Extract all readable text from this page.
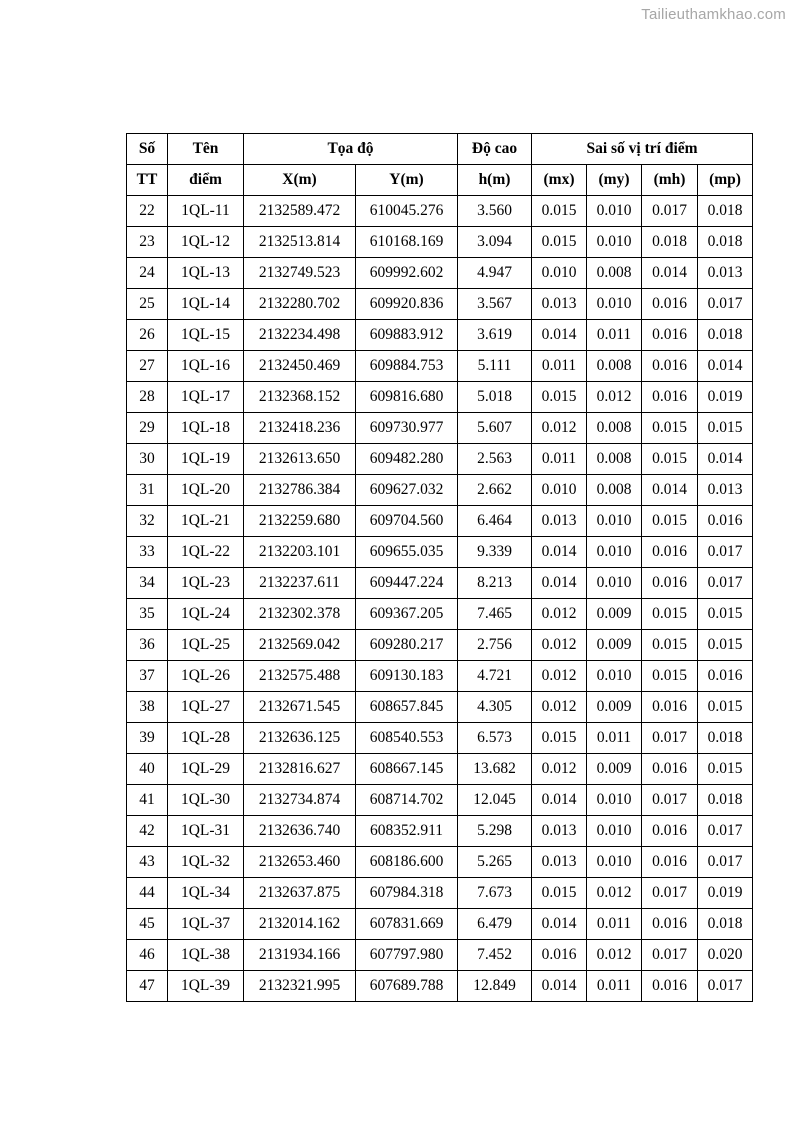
Tailieuthamkhao.com
Số	Tên	Tọa độ		Độ cao	Sai số vị trí điểm			
TT	điểm	X(m)	Y(m)	h(m)	(mx)	(my)	(mh)	(mp)
22	1QL-11	2132589.472	610045.276	3.560	0.015	0.010	0.017	0.018
23	1QL-12	2132513.814	610168.169	3.094	0.015	0.010	0.018	0.018
24	1QL-13	2132749.523	609992.602	4.947	0.010	0.008	0.014	0.013
25	1QL-14	2132280.702	609920.836	3.567	0.013	0.010	0.016	0.017
26	1QL-15	2132234.498	609883.912	3.619	0.014	0.011	0.016	0.018
27	1QL-16	2132450.469	609884.753	5.111	0.011	0.008	0.016	0.014
28	1QL-17	2132368.152	609816.680	5.018	0.015	0.012	0.016	0.019
29	1QL-18	2132418.236	609730.977	5.607	0.012	0.008	0.015	0.015
30	1QL-19	2132613.650	609482.280	2.563	0.011	0.008	0.015	0.014
31	1QL-20	2132786.384	609627.032	2.662	0.010	0.008	0.014	0.013
32	1QL-21	2132259.680	609704.560	6.464	0.013	0.010	0.015	0.016
33	1QL-22	2132203.101	609655.035	9.339	0.014	0.010	0.016	0.017
34	1QL-23	2132237.611	609447.224	8.213	0.014	0.010	0.016	0.017
35	1QL-24	2132302.378	609367.205	7.465	0.012	0.009	0.015	0.015
36	1QL-25	2132569.042	609280.217	2.756	0.012	0.009	0.015	0.015
37	1QL-26	2132575.488	609130.183	4.721	0.012	0.010	0.015	0.016
38	1QL-27	2132671.545	608657.845	4.305	0.012	0.009	0.016	0.015
39	1QL-28	2132636.125	608540.553	6.573	0.015	0.011	0.017	0.018
40	1QL-29	2132816.627	608667.145	13.682	0.012	0.009	0.016	0.015
41	1QL-30	2132734.874	608714.702	12.045	0.014	0.010	0.017	0.018
42	1QL-31	2132636.740	608352.911	5.298	0.013	0.010	0.016	0.017
43	1QL-32	2132653.460	608186.600	5.265	0.013	0.010	0.016	0.017
44	1QL-34	2132637.875	607984.318	7.673	0.015	0.012	0.017	0.019
45	1QL-37	2132014.162	607831.669	6.479	0.014	0.011	0.016	0.018
46	1QL-38	2131934.166	607797.980	7.452	0.016	0.012	0.017	0.020
47	1QL-39	2132321.995	607689.788	12.849	0.014	0.011	0.016	0.017
